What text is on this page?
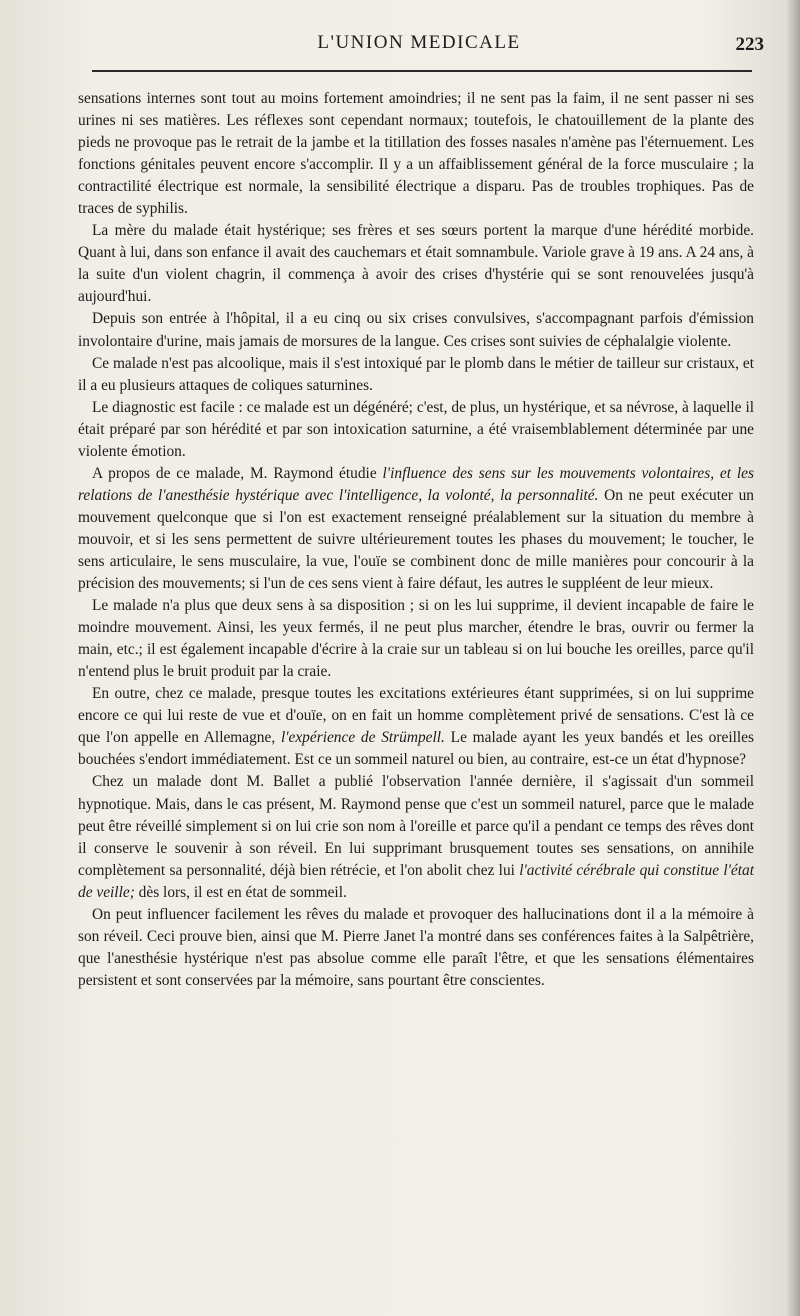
L'UNION MEDICALE	223

sensations internes sont tout au moins fortement amoindries; il ne sent pas la faim, il ne sent passer ni ses urines ni ses matières. Les réflexes sont cependant normaux; toutefois, le chatouillement de la plante des pieds ne provoque pas le retrait de la jambe et la titillation des fosses nasales n'amène pas l'éternuement. Les fonctions génitales peuvent encore s'accomplir. Il y a un affaiblissement général de la force musculaire ; la contractilité électrique est normale, la sensibilité électrique a disparu. Pas de troubles trophiques. Pas de traces de syphilis.

La mère du malade était hystérique; ses frères et ses sœurs portent la marque d'une hérédité morbide. Quant à lui, dans son enfance il avait des cauchemars et était somnambule. Variole grave à 19 ans. A 24 ans, à la suite d'un violent chagrin, il commença à avoir des crises d'hystérie qui se sont renouvelées jusqu'à aujourd'hui.

Depuis son entrée à l'hôpital, il a eu cinq ou six crises convulsives, s'accompagnant parfois d'émission involontaire d'urine, mais jamais de morsures de la langue. Ces crises sont suivies de céphalalgie violente.

Ce malade n'est pas alcoolique, mais il s'est intoxiqué par le plomb dans le métier de tailleur sur cristaux, et il a eu plusieurs attaques de coliques saturnines.

Le diagnostic est facile : ce malade est un dégénéré; c'est, de plus, un hystérique, et sa névrose, à laquelle il était préparé par son hérédité et par son intoxication saturnine, a été vraisemblablement déterminée par une violente émotion.

A propos de ce malade, M. Raymond étudie l'influence des sens sur les mouvements volontaires, et les relations de l'anesthésie hystérique avec l'intelligence, la volonté, la personnalité. On ne peut exécuter un mouvement quelconque que si l'on est exactement renseigné préalablement sur la situation du membre à mouvoir, et si les sens permettent de suivre ultérieurement toutes les phases du mouvement; le toucher, le sens articulaire, le sens musculaire, la vue, l'ouïe se combinent donc de mille manières pour concourir à la précision des mouvements; si l'un de ces sens vient à faire défaut, les autres le suppléent de leur mieux.

Le malade n'a plus que deux sens à sa disposition ; si on les lui supprime, il devient incapable de faire le moindre mouvement. Ainsi, les yeux fermés, il ne peut plus marcher, étendre le bras, ouvrir ou fermer la main, etc.; il est également incapable d'écrire à la craie sur un tableau si on lui bouche les oreilles, parce qu'il n'entend plus le bruit produit par la craie.

En outre, chez ce malade, presque toutes les excitations extérieures étant supprimées, si on lui supprime encore ce qui lui reste de vue et d'ouïe, on en fait un homme complètement privé de sensations. C'est là ce que l'on appelle en Allemagne, l'expérience de Strümpell. Le malade ayant les yeux bandés et les oreilles bouchées s'endort immédiatement. Est ce un sommeil naturel ou bien, au contraire, est-ce un état d'hypnose?

Chez un malade dont M. Ballet a publié l'observation l'année dernière, il s'agissait d'un sommeil hypnotique. Mais, dans le cas présent, M. Raymond pense que c'est un sommeil naturel, parce que le malade peut être réveillé simplement si on lui crie son nom à l'oreille et parce qu'il a pendant ce temps des rêves dont il conserve le souvenir à son réveil. En lui supprimant brusquement toutes ses sensations, on annihile complètement sa personnalité, déjà bien rétrécie, et l'on abolit chez lui l'activité cérébrale qui constitue l'état de veille; dès lors, il est en état de sommeil.

On peut influencer facilement les rêves du malade et provoquer des hallucinations dont il a la mémoire à son réveil. Ceci prouve bien, ainsi que M. Pierre Janet l'a montré dans ses conférences faites à la Salpêtrière, que l'anesthésie hystérique n'est pas absolue comme elle paraît l'être, et que les sensations élémentaires persistent et sont conservées par la mémoire, sans pourtant être conscientes.
